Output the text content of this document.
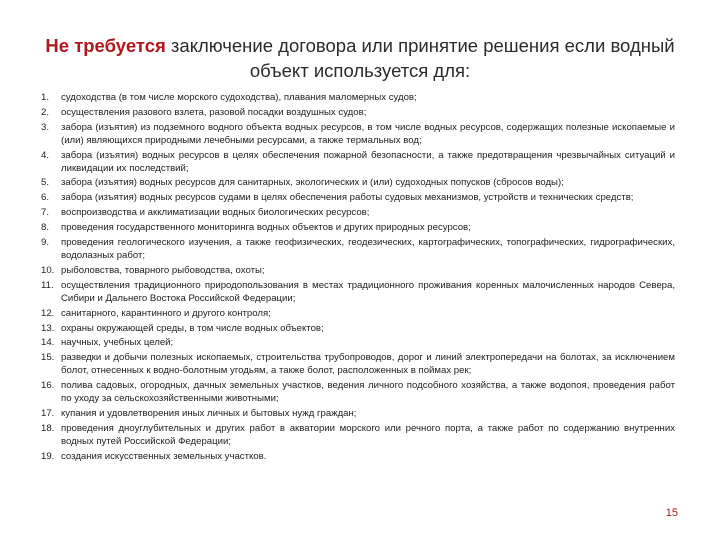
Не требуется заключение договора или принятие решения если водный объект используется для:
1.	судоходства (в том числе морского судоходства), плавания маломерных судов;
2.	осуществления разового взлета, разовой посадки воздушных судов;
3.	забора (изъятия) из подземного водного объекта водных ресурсов, в том числе водных ресурсов, содержащих полезные ископаемые и (или) являющихся природными лечебными ресурсами, а также термальных вод;
4.	забора (изъятия) водных ресурсов в целях обеспечения пожарной безопасности, а также предотвращения чрезвычайных ситуаций и ликвидации их последствий;
5.	забора (изъятия) водных ресурсов для санитарных, экологических и (или) судоходных попусков (сбросов воды);
6.	забора (изъятия) водных ресурсов судами в целях обеспечения работы судовых механизмов, устройств и технических средств;
7.	воспроизводства и акклиматизации водных биологических ресурсов;
8.	проведения государственного мониторинга водных объектов и других природных ресурсов;
9.	проведения геологического изучения, а также геофизических, геодезических, картографических, топографических, гидрографических, водолазных работ;
10. рыболовства, товарного рыбоводства, охоты;
11. осуществления традиционного природопользования в местах традиционного проживания коренных малочисленных народов Севера, Сибири и Дальнего Востока Российской Федерации;
12. санитарного, карантинного и другого контроля;
13. охраны окружающей среды, в том числе водных объектов;
14. научных, учебных целей;
15. разведки и добычи полезных ископаемых, строительства трубопроводов, дорог и линий электропередачи на болотах, за исключением болот, отнесенных к водно-болотным угодьям, а также болот, расположенных в поймах рек;
16. полива садовых, огородных, дачных земельных участков, ведения личного подсобного хозяйства, а также водопоя, проведения работ по уходу за сельскохозяйственными животными;
17. купания и удовлетворения иных личных и бытовых нужд граждан;
18. проведения дноуглубительных и других работ в акватории морского или речного порта, а также работ по содержанию внутренних водных путей Российской Федерации;
19. создания искусственных земельных участков.
15
